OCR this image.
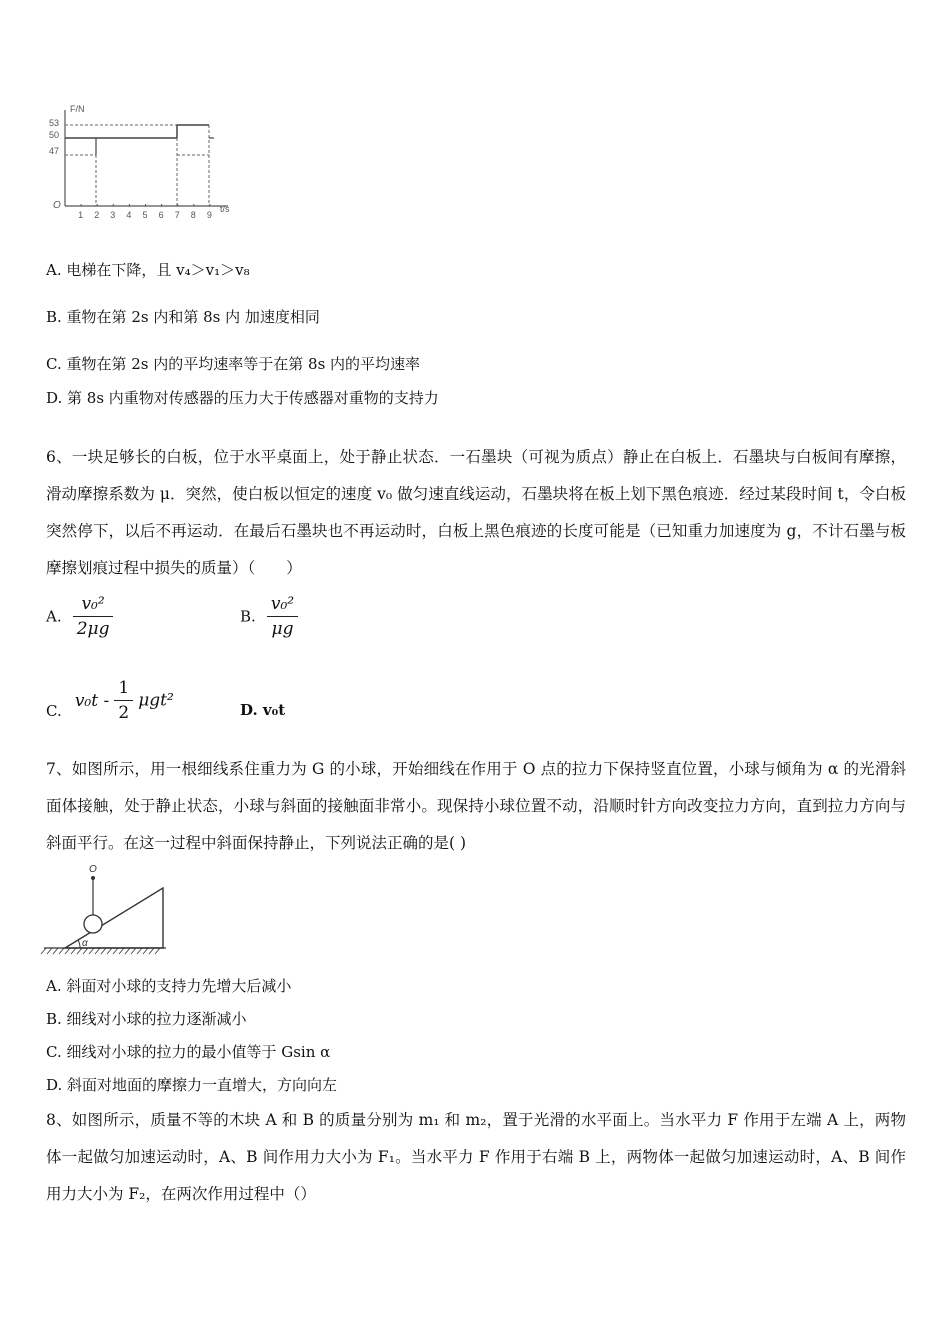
F/N
t/s
O
53
50
47
1 2 3 4 5 6 7 8 9
A. 电梯在下降，且 v₄＞v₁＞v₈
B. 重物在第 2s 内和第 8s 内 加速度相同
C. 重物在第 2s 内的平均速率等于在第 8s 内的平均速率
D. 第 8s 内重物对传感器的压力大于传感器对重物的支持力
6、一块足够长的白板，位于水平桌面上，处于静止状态．一石墨块（可视为质点）静止在白板上．石墨块与白板间有摩擦，滑动摩擦系数为 μ．突然，使白板以恒定的速度 v₀ 做匀速直线运动，石墨块将在板上划下黑色痕迹．经过某段时间 t，令白板突然停下，以后不再运动．在最后石墨块也不再运动时，白板上黑色痕迹的长度可能是（已知重力加速度为 g，不计石墨与板摩擦划痕过程中损失的质量）（　　）
A. $\frac{\text{v₀²}}{2\mu g}$	B. $\frac{\text{v₀²}}{\mu g}$
C. $v_0t - \frac{1}{2} \mu gt^2$	D. v₀t
7、如图所示，用一根细线系住重力为 G 的小球，开始细线在作用于 O 点的拉力下保持竖直位置，小球与倾角为 α 的光滑斜面体接触，处于静止状态，小球与斜面的接触面非常小。现保持小球位置不动，沿顺时针方向改变拉力方向，直到拉力方向与斜面平行。在这一过程中斜面保持静止，下列说法正确的是( )
O
α
A. 斜面对小球的支持力先增大后减小
B. 细线对小球的拉力逐渐减小
C. 细线对小球的拉力的最小值等于 Gsin α
D. 斜面对地面的摩擦力一直增大，方向向左
8、如图所示，质量不等的木块 A 和 B 的质量分别为 m₁ 和 m₂，置于光滑的水平面上。当水平力 F 作用于左端 A 上，两物体一起做匀加速运动时，A、B 间作用力大小为 F₁。当水平力 F 作用于右端 B 上，两物体一起做匀加速运动时，A、B 间作用力大小为 F₂，在两次作用过程中（）
